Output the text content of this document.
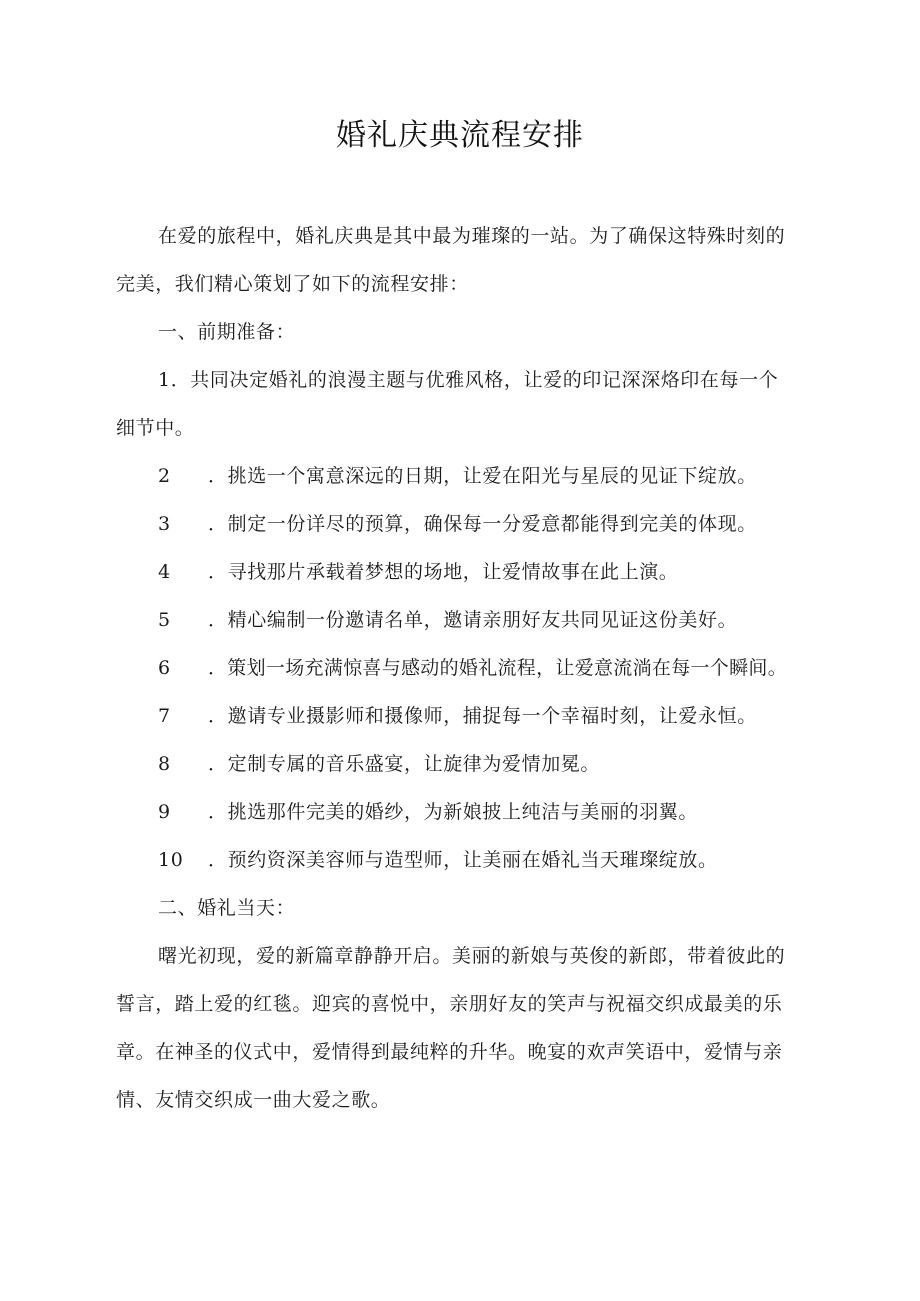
婚礼庆典流程安排
在爱的旅程中，婚礼庆典是其中最为璀璨的一站。为了确保这特殊时刻的
完美，我们精心策划了如下的流程安排：
一、前期准备：
1．共同决定婚礼的浪漫主题与优雅风格，让爱的印记深深烙印在每一个
细节中。
2 ．挑选一个寓意深远的日期，让爱在阳光与星辰的见证下绽放。
3 ．制定一份详尽的预算，确保每一分爱意都能得到完美的体现。
4 ．寻找那片承载着梦想的场地，让爱情故事在此上演。
5 ．精心编制一份邀请名单，邀请亲朋好友共同见证这份美好。
6 ．策划一场充满惊喜与感动的婚礼流程，让爱意流淌在每一个瞬间。
7 ．邀请专业摄影师和摄像师，捕捉每一个幸福时刻，让爱永恒。
8 ．定制专属的音乐盛宴，让旋律为爱情加冕。
9 ．挑选那件完美的婚纱，为新娘披上纯洁与美丽的羽翼。
10 ．预约资深美容师与造型师，让美丽在婚礼当天璀璨绽放。
二、婚礼当天：
曙光初现，爱的新篇章静静开启。美丽的新娘与英俊的新郎，带着彼此的
誓言，踏上爱的红毯。迎宾的喜悦中，亲朋好友的笑声与祝福交织成最美的乐
章。在神圣的仪式中，爱情得到最纯粹的升华。晚宴的欢声笑语中，爱情与亲
情、友情交织成一曲大爱之歌。
